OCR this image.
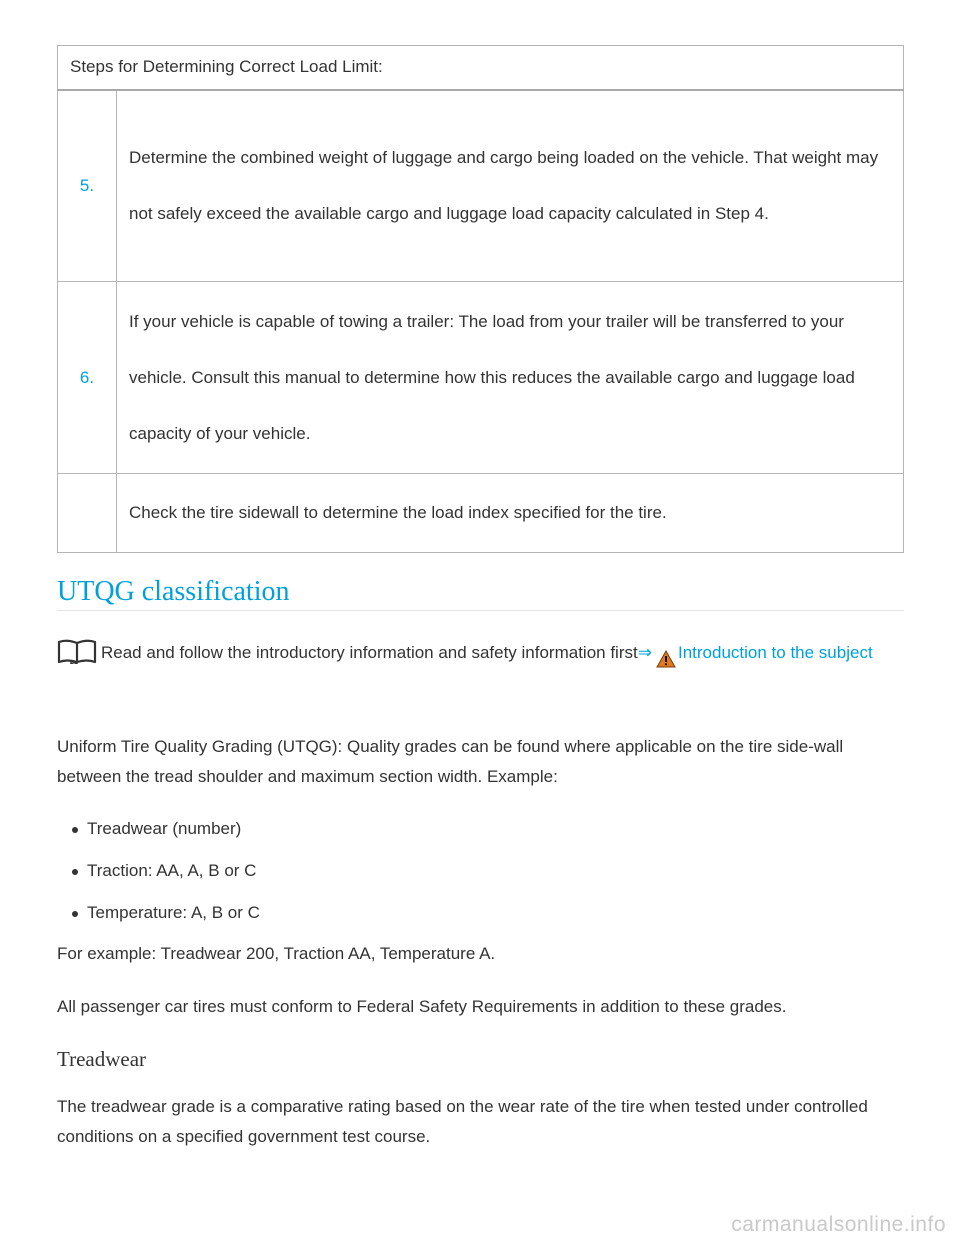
Steps for Determining Correct Load Limit:	
5.	Determine the combined weight of luggage and cargo being loaded on the vehicle. That weight may not safely exceed the available cargo and luggage load capacity calculated in Step 4.
6.	If your vehicle is capable of towing a trailer: The load from your trailer will be transferred to your vehicle. Consult this manual to determine how this reduces the available cargo and luggage load capacity of your vehicle.
	Check the tire sidewall to determine the load index specified for the tire.
UTQG classification

Read and follow the introductory information and safety information first⇒ Introduction to the subject

Uniform Tire Quality Grading (UTQG): Quality grades can be found where applicable on the tire side-wall between the tread shoulder and maximum section width. Example:

Treadwear (number)
Traction: AA, A, B or C
Temperature: A, B or C

For example: Treadwear 200, Traction AA, Temperature A.

All passenger car tires must conform to Federal Safety Requirements in addition to these grades.

Treadwear

The treadwear grade is a comparative rating based on the wear rate of the tire when tested under controlled conditions on a specified government test course.

carmanualsonline.info
